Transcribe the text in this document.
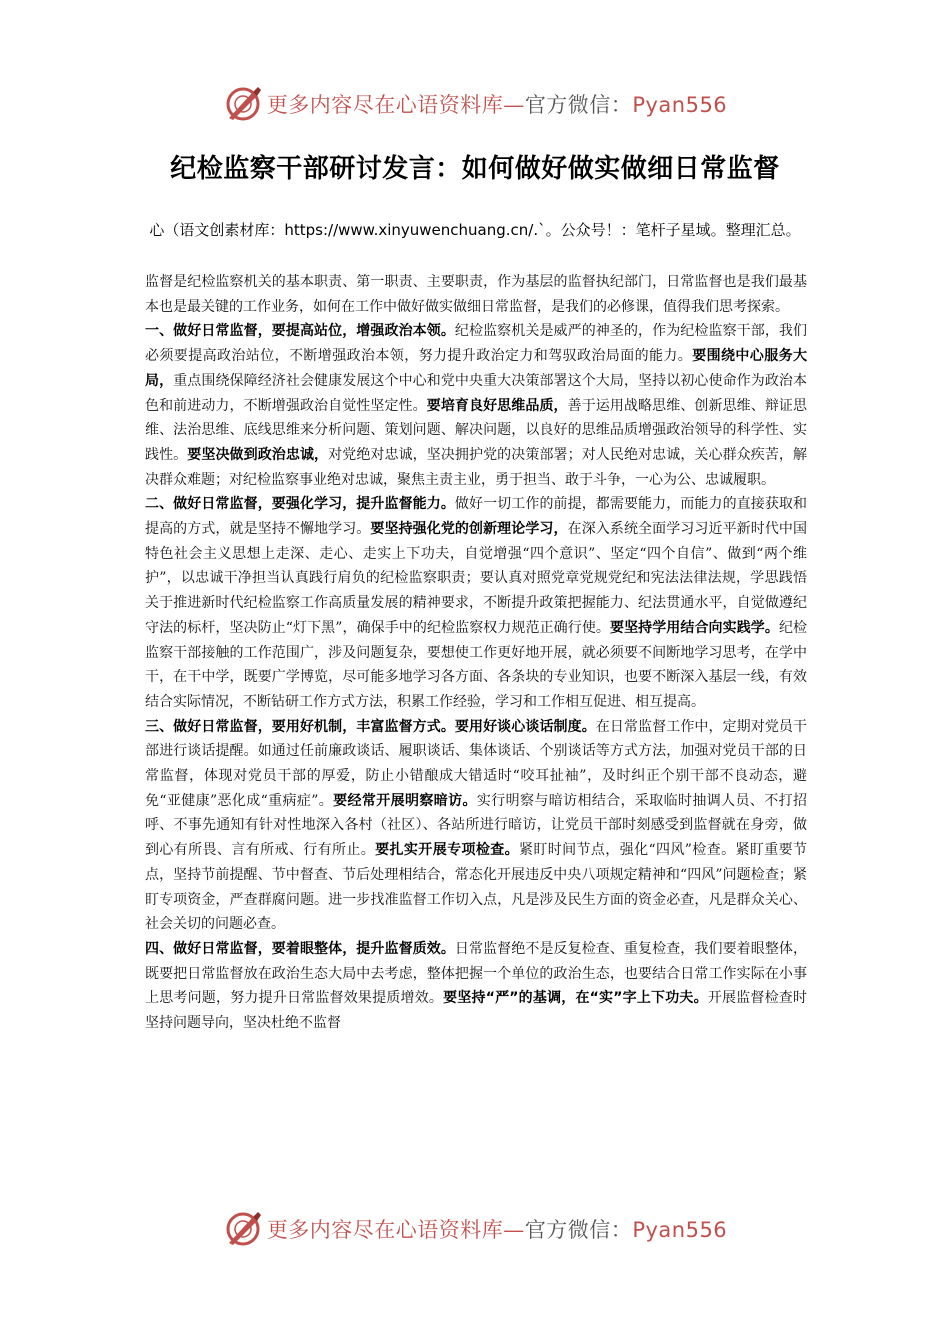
更多内容尽在心语资料库—官方微信：Pyan556
纪检监察干部研讨发言：如何做好做实做细日常监督

心（语文创素材库：https://www.xinyuwenchuang.cn/.`。公众号！：笔杆子星域。整理汇总。

监督是纪检监察机关的基本职责、第一职责、主要职责，作为基层的监督执纪部门，日常监督也是我们最基本也是最关键的工作业务，如何在工作中做好做实做细日常监督，是我们的必修课，值得我们思考探索。

一、做好日常监督，要提高站位，增强政治本领。纪检监察机关是威严的神圣的，作为纪检监察干部，我们必须要提高政治站位，不断增强政治本领，努力提升政治定力和驾驭政治局面的能力。要围绕中心服务大局，重点围绕保障经济社会健康发展这个中心和党中央重大决策部署这个大局，坚持以初心使命作为政治本色和前进动力，不断增强政治自觉性坚定性。要培育良好思维品质，善于运用战略思维、创新思维、辩证思维、法治思维、底线思维来分析问题、策划问题、解决问题，以良好的思维品质增强政治领导的科学性、实践性。要坚决做到政治忠诚，对党绝对忠诚，坚决拥护党的决策部署；对人民绝对忠诚，关心群众疾苦，解决群众难题；对纪检监察事业绝对忠诚，聚焦主责主业，勇于担当、敢于斗争，一心为公、忠诚履职。

二、做好日常监督，要强化学习，提升监督能力。做好一切工作的前提，都需要能力，而能力的直接获取和提高的方式，就是坚持不懈地学习。要坚持强化党的创新理论学习，在深入系统全面学习习近平新时代中国特色社会主义思想上走深、走心、走实上下功夫，自觉增强“四个意识”、坚定“四个自信”、做到“两个维护”，以忠诚干净担当认真践行肩负的纪检监察职责；要认真对照党章党规党纪和宪法法律法规，学思践悟关于推进新时代纪检监察工作高质量发展的精神要求，不断提升政策把握能力、纪法贯通水平，自觉做遵纪守法的标杆，坚决防止“灯下黑”，确保手中的纪检监察权力规范正确行使。要坚持学用结合向实践学。纪检监察干部接触的工作范围广，涉及问题复杂，要想使工作更好地开展，就必须要不间断地学习思考，在学中干，在干中学，既要广学博览，尽可能多地学习各方面、各条块的专业知识，也要不断深入基层一线，有效结合实际情况，不断钻研工作方式方法，积累工作经验，学习和工作相互促进、相互提高。

三、做好日常监督，要用好机制，丰富监督方式。要用好谈心谈话制度。在日常监督工作中，定期对党员干部进行谈话提醒。如通过任前廉政谈话、履职谈话、集体谈话、个别谈话等方式方法，加强对党员干部的日常监督，体现对党员干部的厚爱，防止小错酿成大错适时“咬耳扯袖”，及时纠正个别干部不良动态，避免“亚健康”恶化成“重病症”。要经常开展明察暗访。实行明察与暗访相结合，采取临时抽调人员、不打招呼、不事先通知有针对性地深入各村（社区）、各站所进行暗访，让党员干部时刻感受到监督就在身旁，做到心有所畏、言有所戒、行有所止。要扎实开展专项检查。紧盯时间节点，强化“四风”检查。紧盯重要节点，坚持节前提醒、节中督查、节后处理相结合，常态化开展违反中央八项规定精神和“四风”问题检查；紧盯专项资金，严查群腐问题。进一步找准监督工作切入点，凡是涉及民生方面的资金必查，凡是群众关心、社会关切的问题必查。

四、做好日常监督，要着眼整体，提升监督质效。日常监督绝不是反复检查、重复检查，我们要着眼整体，既要把日常监督放在政治生态大局中去考虑，整体把握一个单位的政治生态，也要结合日常工作实际在小事上思考问题，努力提升日常监督效果提质增效。要坚持“严”的基调，在“实”字上下功夫。开展监督检查时坚持问题导向，坚决杜绝不监督

更多内容尽在心语资料库—官方微信：Pyan556
